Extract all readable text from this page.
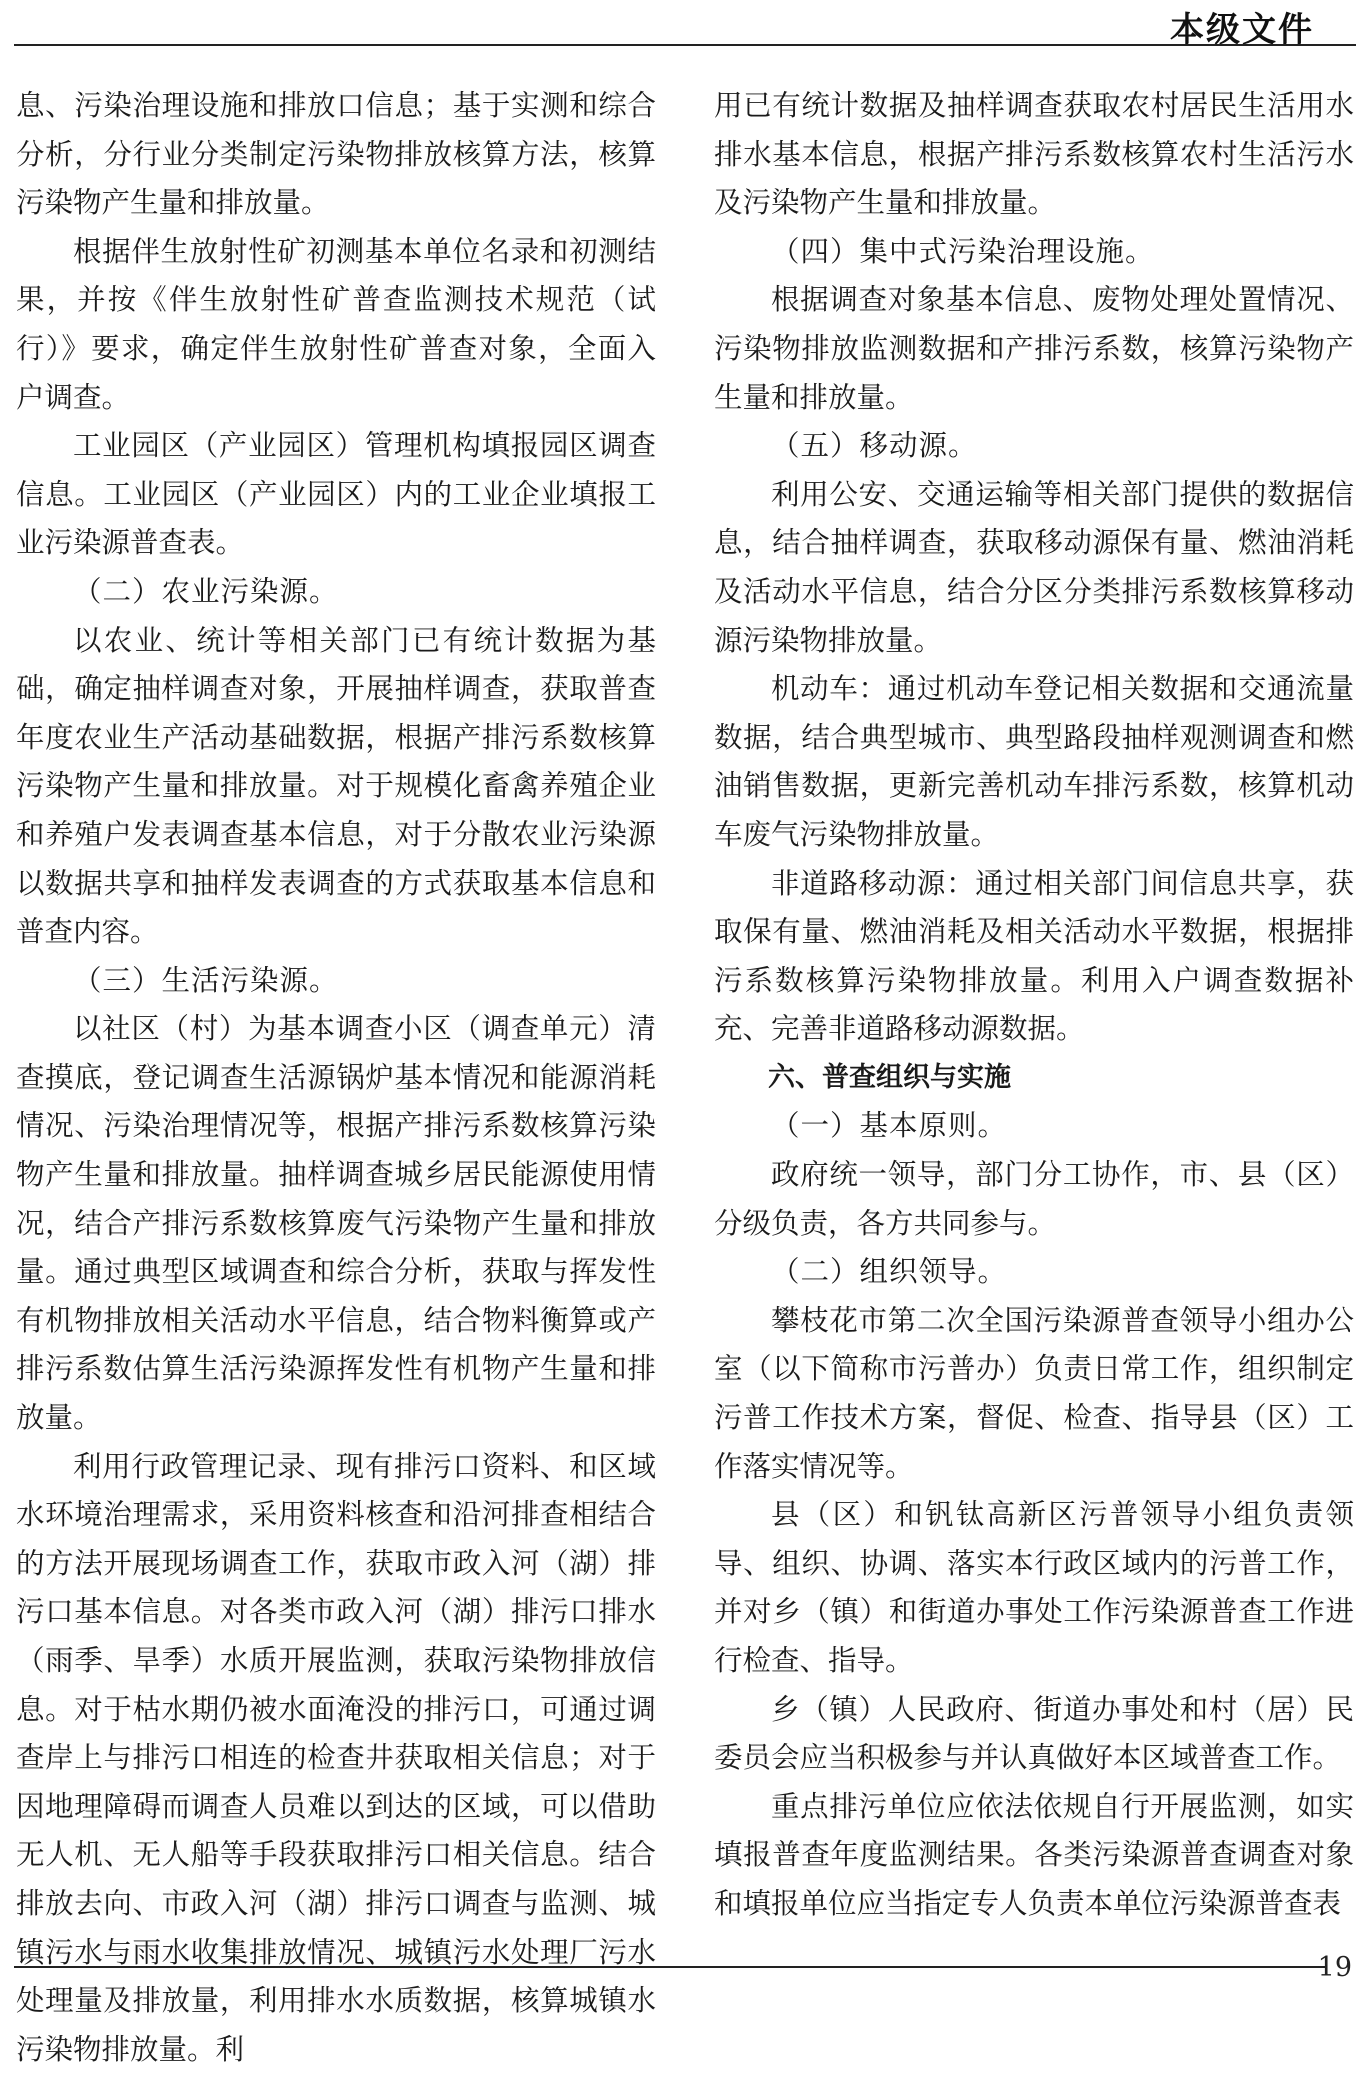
本级文件

息、污染治理设施和排放口信息；基于实测和综合分析，分行业分类制定污染物排放核算方法，核算污染物产生量和排放量。

根据伴生放射性矿初测基本单位名录和初测结果，并按《伴生放射性矿普查监测技术规范（试行）》要求，确定伴生放射性矿普查对象，全面入户调查。

工业园区（产业园区）管理机构填报园区调查信息。工业园区（产业园区）内的工业企业填报工业污染源普查表。

（二）农业污染源。

以农业、统计等相关部门已有统计数据为基础，确定抽样调查对象，开展抽样调查，获取普查年度农业生产活动基础数据，根据产排污系数核算污染物产生量和排放量。对于规模化畜禽养殖企业和养殖户发表调查基本信息，对于分散农业污染源以数据共享和抽样发表调查的方式获取基本信息和普查内容。

（三）生活污染源。

以社区（村）为基本调查小区（调查单元）清查摸底，登记调查生活源锅炉基本情况和能源消耗情况、污染治理情况等，根据产排污系数核算污染物产生量和排放量。抽样调查城乡居民能源使用情况，结合产排污系数核算废气污染物产生量和排放量。通过典型区域调查和综合分析，获取与挥发性有机物排放相关活动水平信息，结合物料衡算或产排污系数估算生活污染源挥发性有机物产生量和排放量。

利用行政管理记录、现有排污口资料、和区域水环境治理需求，采用资料核查和沿河排查相结合的方法开展现场调查工作，获取市政入河（湖）排污口基本信息。对各类市政入河（湖）排污口排水（雨季、旱季）水质开展监测，获取污染物排放信息。对于枯水期仍被水面淹没的排污口，可通过调查岸上与排污口相连的检查井获取相关信息；对于因地理障碍而调查人员难以到达的区域，可以借助无人机、无人船等手段获取排污口相关信息。结合排放去向、市政入河（湖）排污口调查与监测、城镇污水与雨水收集排放情况、城镇污水处理厂污水处理量及排放量，利用排水水质数据，核算城镇水污染物排放量。利

用已有统计数据及抽样调查获取农村居民生活用水排水基本信息，根据产排污系数核算农村生活污水及污染物产生量和排放量。

（四）集中式污染治理设施。

根据调查对象基本信息、废物处理处置情况、污染物排放监测数据和产排污系数，核算污染物产生量和排放量。

（五）移动源。

利用公安、交通运输等相关部门提供的数据信息，结合抽样调查，获取移动源保有量、燃油消耗及活动水平信息，结合分区分类排污系数核算移动源污染物排放量。

机动车：通过机动车登记相关数据和交通流量数据，结合典型城市、典型路段抽样观测调查和燃油销售数据，更新完善机动车排污系数，核算机动车废气污染物排放量。

非道路移动源：通过相关部门间信息共享，获取保有量、燃油消耗及相关活动水平数据，根据排污系数核算污染物排放量。利用入户调查数据补充、完善非道路移动源数据。

六、普查组织与实施

（一）基本原则。

政府统一领导，部门分工协作，市、县（区）分级负责，各方共同参与。

（二）组织领导。

攀枝花市第二次全国污染源普查领导小组办公室（以下简称市污普办）负责日常工作，组织制定污普工作技术方案，督促、检查、指导县（区）工作落实情况等。

县（区）和钒钛高新区污普领导小组负责领导、组织、协调、落实本行政区域内的污普工作，并对乡（镇）和街道办事处工作污染源普查工作进行检查、指导。

乡（镇）人民政府、街道办事处和村（居）民委员会应当积极参与并认真做好本区域普查工作。

重点排污单位应依法依规自行开展监测，如实填报普查年度监测结果。各类污染源普查调查对象和填报单位应当指定专人负责本单位污染源普查表

19
